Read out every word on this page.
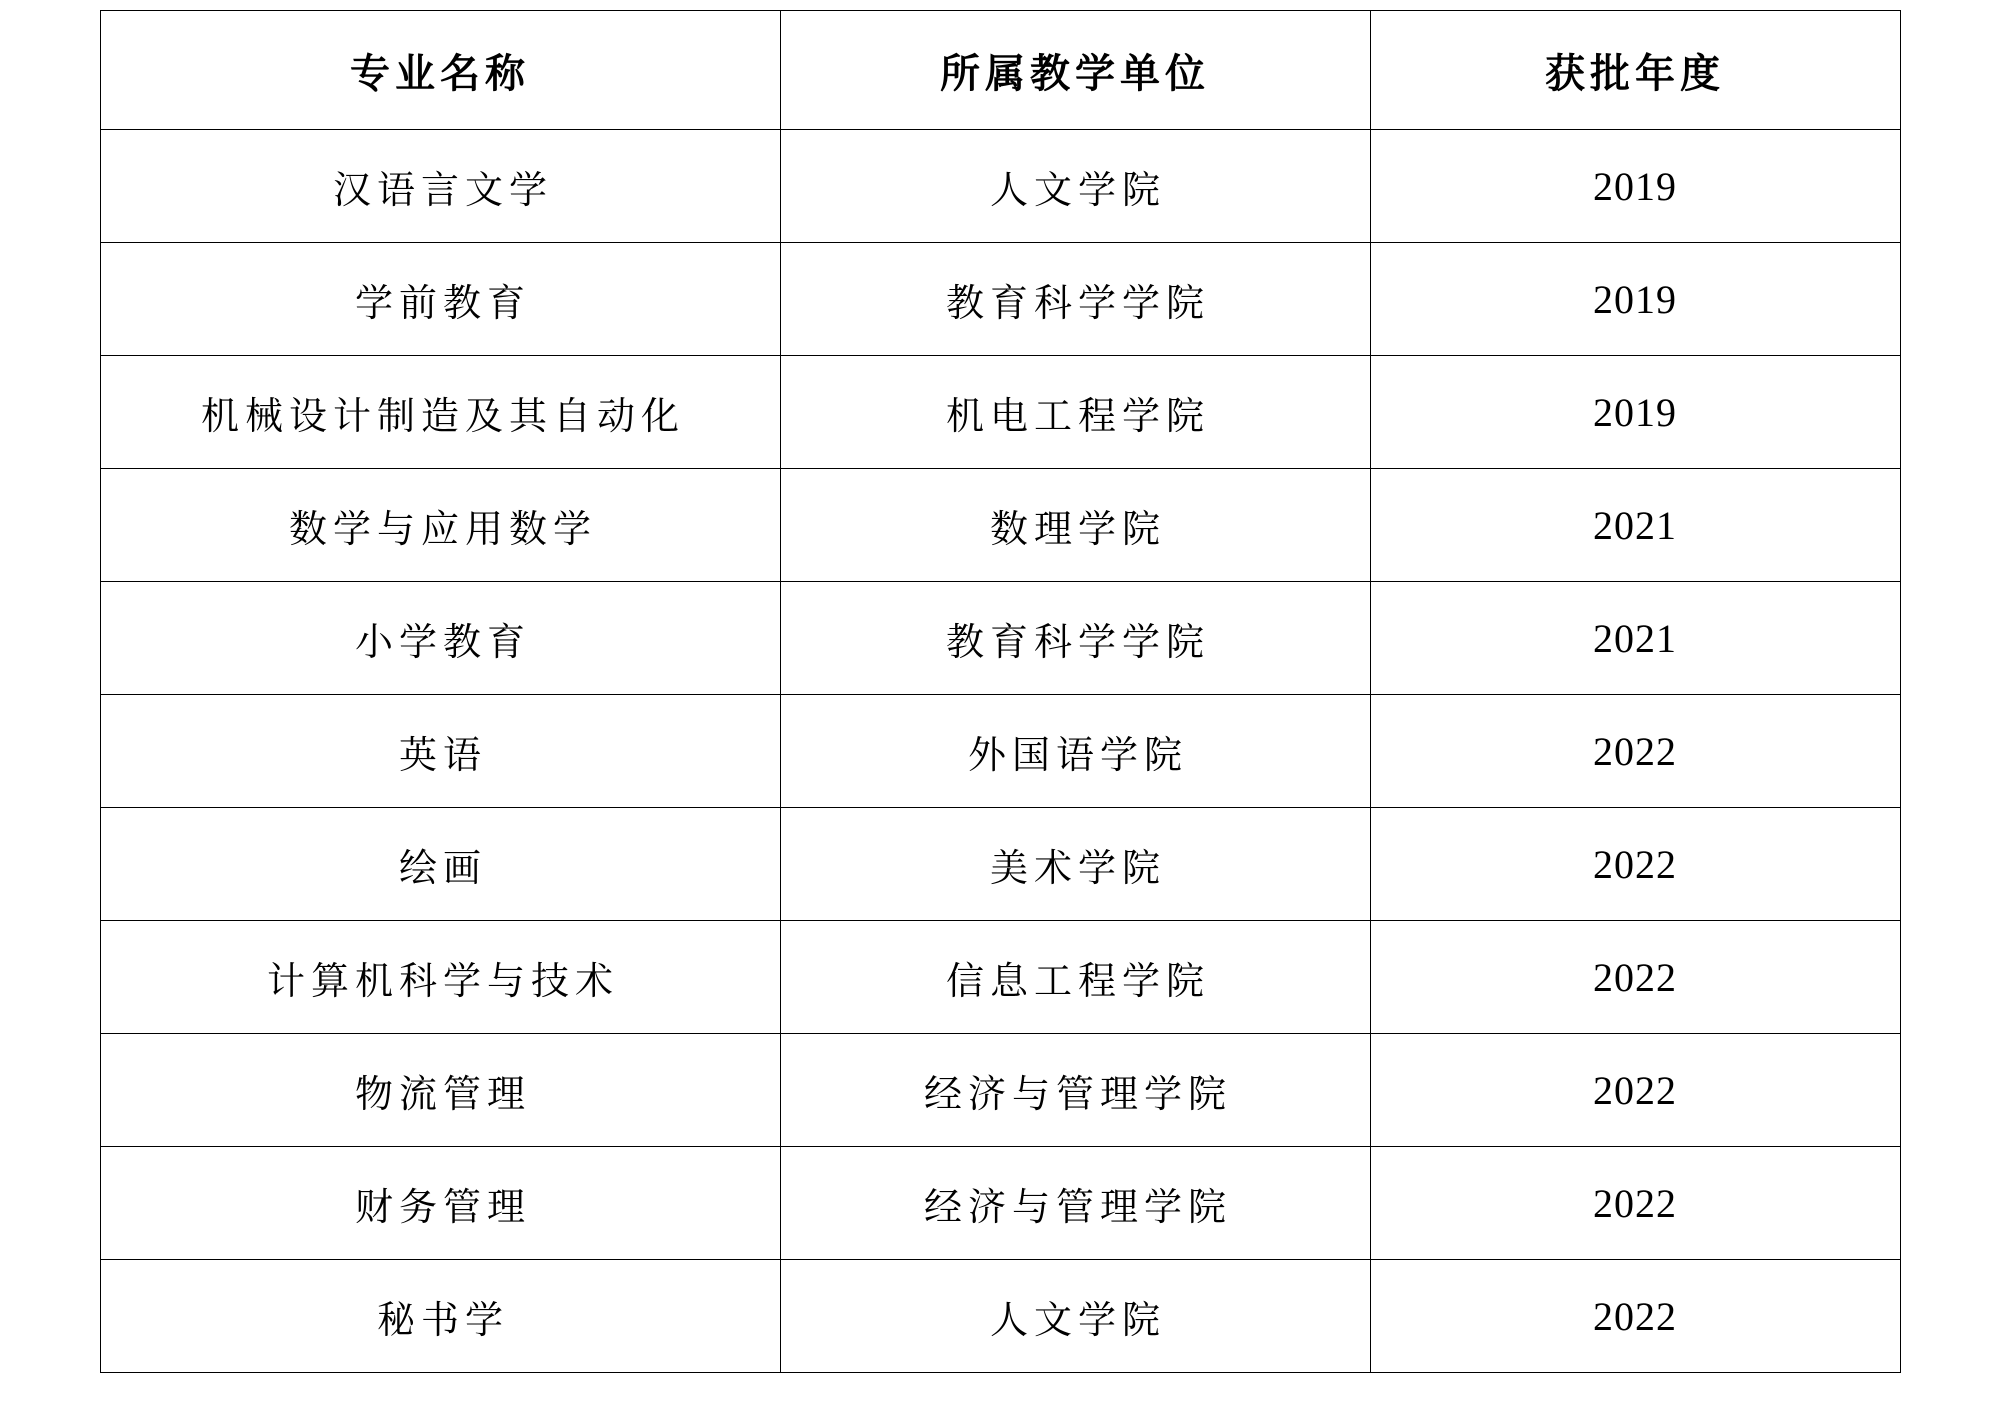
专业名称	所属教学单位	获批年度
汉语言文学	人文学院	2019
学前教育	教育科学学院	2019
机械设计制造及其自动化	机电工程学院	2019
数学与应用数学	数理学院	2021
小学教育	教育科学学院	2021
英语	外国语学院	2022
绘画	美术学院	2022
计算机科学与技术	信息工程学院	2022
物流管理	经济与管理学院	2022
财务管理	经济与管理学院	2022
秘书学	人文学院	2022
